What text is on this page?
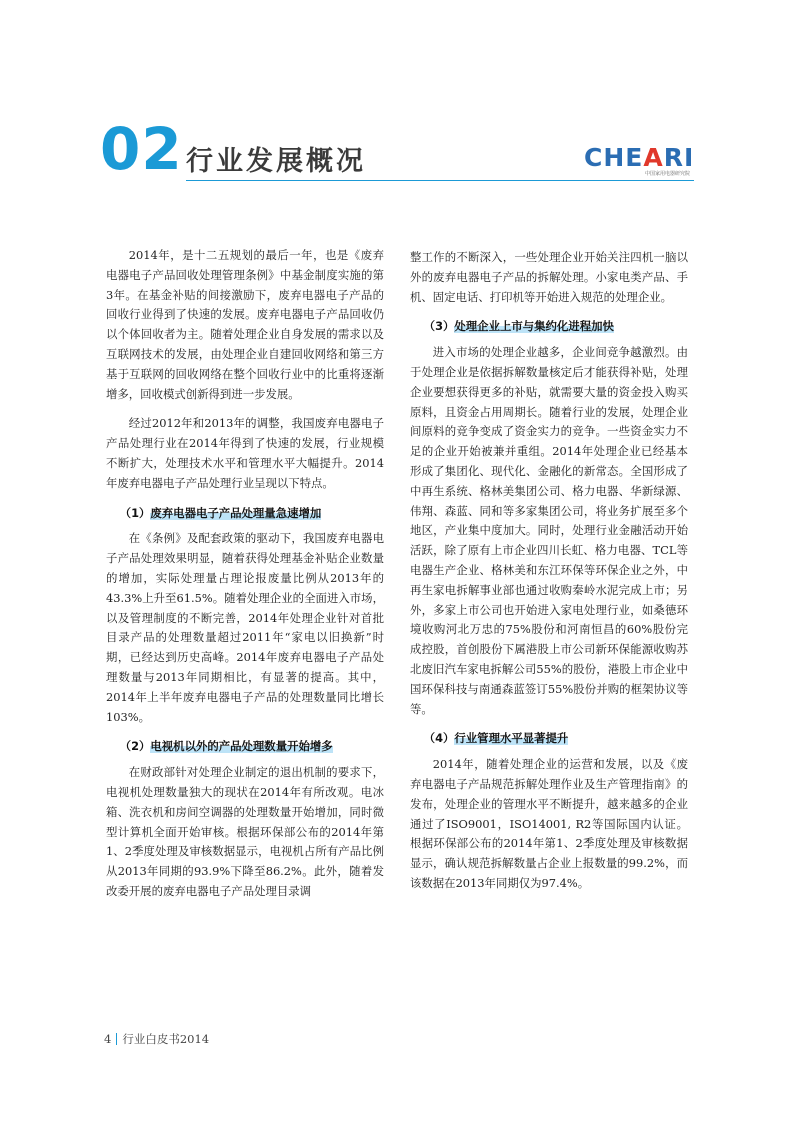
02 行业发展概况	CHEARI
中国家用电器研究院

2014年，是十二五规划的最后一年，也是《废弃电器电子产品回收处理管理条例》中基金制度实施的第3年。在基金补贴的间接激励下，废弃电器电子产品的回收行业得到了快速的发展。废弃电器电子产品回收仍以个体回收者为主。随着处理企业自身发展的需求以及互联网技术的发展，由处理企业自建回收网络和第三方基于互联网的回收网络在整个回收行业中的比重将逐渐增多，回收模式创新得到进一步发展。

经过2012年和2013年的调整，我国废弃电器电子产品处理行业在2014年得到了快速的发展，行业规模不断扩大，处理技术水平和管理水平大幅提升。2014年废弃电器电子产品处理行业呈现以下特点。

（1）废弃电器电子产品处理量急速增加

在《条例》及配套政策的驱动下，我国废弃电器电子产品处理效果明显，随着获得处理基金补贴企业数量的增加，实际处理量占理论报废量比例从2013年的43.3%上升至61.5%。随着处理企业的全面进入市场，以及管理制度的不断完善，2014年处理企业针对首批目录产品的处理数量超过2011年“家电以旧换新”时期，已经达到历史高峰。2014年废弃电器电子产品处理数量与2013年同期相比，有显著的提高。其中，2014年上半年废弃电器电子产品的处理数量同比增长103%。

（2）电视机以外的产品处理数量开始增多

在财政部针对处理企业制定的退出机制的要求下，电视机处理数量独大的现状在2014年有所改观。电冰箱、洗衣机和房间空调器的处理数量开始增加，同时微型计算机全面开始审核。根据环保部公布的2014年第1、2季度处理及审核数据显示，电视机占所有产品比例从2013年同期的93.9%下降至86.2%。此外，随着发改委开展的废弃电器电子产品处理目录调

整工作的不断深入，一些处理企业开始关注四机一脑以外的废弃电器电子产品的拆解处理。小家电类产品、手机、固定电话、打印机等开始进入规范的处理企业。

（3）处理企业上市与集约化进程加快

进入市场的处理企业越多，企业间竞争越激烈。由于处理企业是依据拆解数量核定后才能获得补贴，处理企业要想获得更多的补贴，就需要大量的资金投入购买原料，且资金占用周期长。随着行业的发展，处理企业间原料的竞争变成了资金实力的竞争。一些资金实力不足的企业开始被兼并重组。2014年处理企业已经基本形成了集团化、现代化、金融化的新常态。全国形成了中再生系统、格林美集团公司、格力电器、华新绿源、伟翔、森蓝、同和等多家集团公司，将业务扩展至多个地区，产业集中度加大。同时，处理行业金融活动开始活跃，除了原有上市企业四川长虹、格力电器、TCL等电器生产企业、格林美和东江环保等环保企业之外，中再生家电拆解事业部也通过收购秦岭水泥完成上市；另外，多家上市公司也开始进入家电处理行业，如桑德环境收购河北万忠的75%股份和河南恒昌的60%股份完成控股，首创股份下属港股上市公司新环保能源收购苏北废旧汽车家电拆解公司55%的股份，港股上市企业中国环保科技与南通森蓝签订55%股份并购的框架协议等等。

（4）行业管理水平显著提升

2014年，随着处理企业的运营和发展，以及《废弃电器电子产品规范拆解处理作业及生产管理指南》的发布，处理企业的管理水平不断提升，越来越多的企业通过了ISO9001，ISO14001, R2等国际国内认证。根据环保部公布的2014年第1、2季度处理及审核数据显示，确认规范拆解数量占企业上报数量的99.2%，而该数据在2013年同期仅为97.4%。

4 行业白皮书2014
